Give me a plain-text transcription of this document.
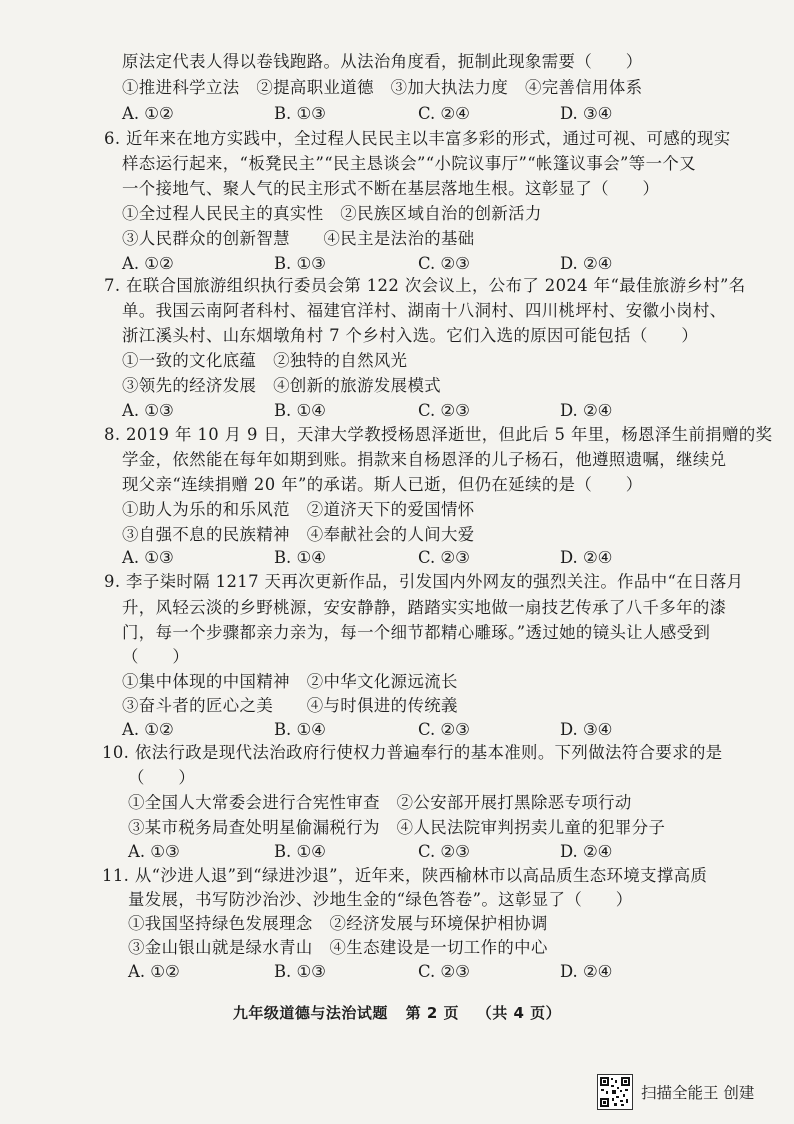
原法定代表人得以卷钱跑路。从法治角度看，扼制此现象需要（　　）
①推进科学立法　②提高职业道德　③加大执法力度　④完善信用体系
A. ①②	B. ①③	C. ②④	D. ③④
6. 近年来在地方实践中，全过程人民民主以丰富多彩的形式，通过可视、可感的现实
样态运行起来，“板凳民主”“民主恳谈会”“小院议事厅”“帐篷议事会”等一个又
一个接地气、聚人气的民主形式不断在基层落地生根。这彰显了（　　）
①全过程人民民主的真实性　②民族区域自治的创新活力
③人民群众的创新智慧　　④民主是法治的基础
A. ①②	B. ①③	C. ②③	D. ②④
7. 在联合国旅游组织执行委员会第 122 次会议上，公布了 2024 年“最佳旅游乡村”名
单。我国云南阿者科村、福建官洋村、湖南十八洞村、四川桃坪村、安徽小岗村、
浙江溪头村、山东烟墩角村 7 个乡村入选。它们入选的原因可能包括（　　）
①一致的文化底蕴　②独特的自然风光
③领先的经济发展　④创新的旅游发展模式
A. ①③	B. ①④	C. ②③	D. ②④
8. 2019 年 10 月 9 日，天津大学教授杨恩泽逝世，但此后 5 年里，杨恩泽生前捐赠的奖
学金，依然能在每年如期到账。捐款来自杨恩泽的儿子杨石，他遵照遗嘱，继续兑
现父亲“连续捐赠 20 年”的承诺。斯人已逝，但仍在延续的是（　　）
①助人为乐的和乐风范　②道济天下的爱国情怀
③自强不息的民族精神　④奉献社会的人间大爱
A. ①③	B. ①④	C. ②③	D. ②④
9. 李子柒时隔 1217 天再次更新作品，引发国内外网友的强烈关注。作品中“在日落月
升，风轻云淡的乡野桃源，安安静静，踏踏实实地做一扇技艺传承了八千多年的漆
门，每一个步骤都亲力亲为，每一个细节都精心雕琢。”透过她的镜头让人感受到
（　　）
①集中体现的中国精神　②中华文化源远流长
③奋斗者的匠心之美　　④与时俱进的传统義
A. ①②	B. ①④	C. ②③	D. ③④
10. 依法行政是现代法治政府行使权力普遍奉行的基本准则。下列做法符合要求的是
（　　）
①全国人大常委会进行合宪性审查　②公安部开展打黑除恶专项行动
③某市税务局查处明星偷漏税行为　④人民法院审判拐卖儿童的犯罪分子
A. ①③	B. ①④	C. ②③	D. ②④
11. 从“沙进人退”到“绿进沙退”，近年来，陕西榆林市以高品质生态环境支撑高质
量发展，书写防沙治沙、沙地生金的“绿色答卷”。这彰显了（　　）
①我国坚持绿色发展理念　②经济发展与环境保护相协调
③金山银山就是绿水青山　④生态建设是一切工作的中心
A. ①②	B. ①③	C. ②③	D. ②④
九年级道德与法治试题 第 2 页 （共 4 页）
扫描全能王 创建
